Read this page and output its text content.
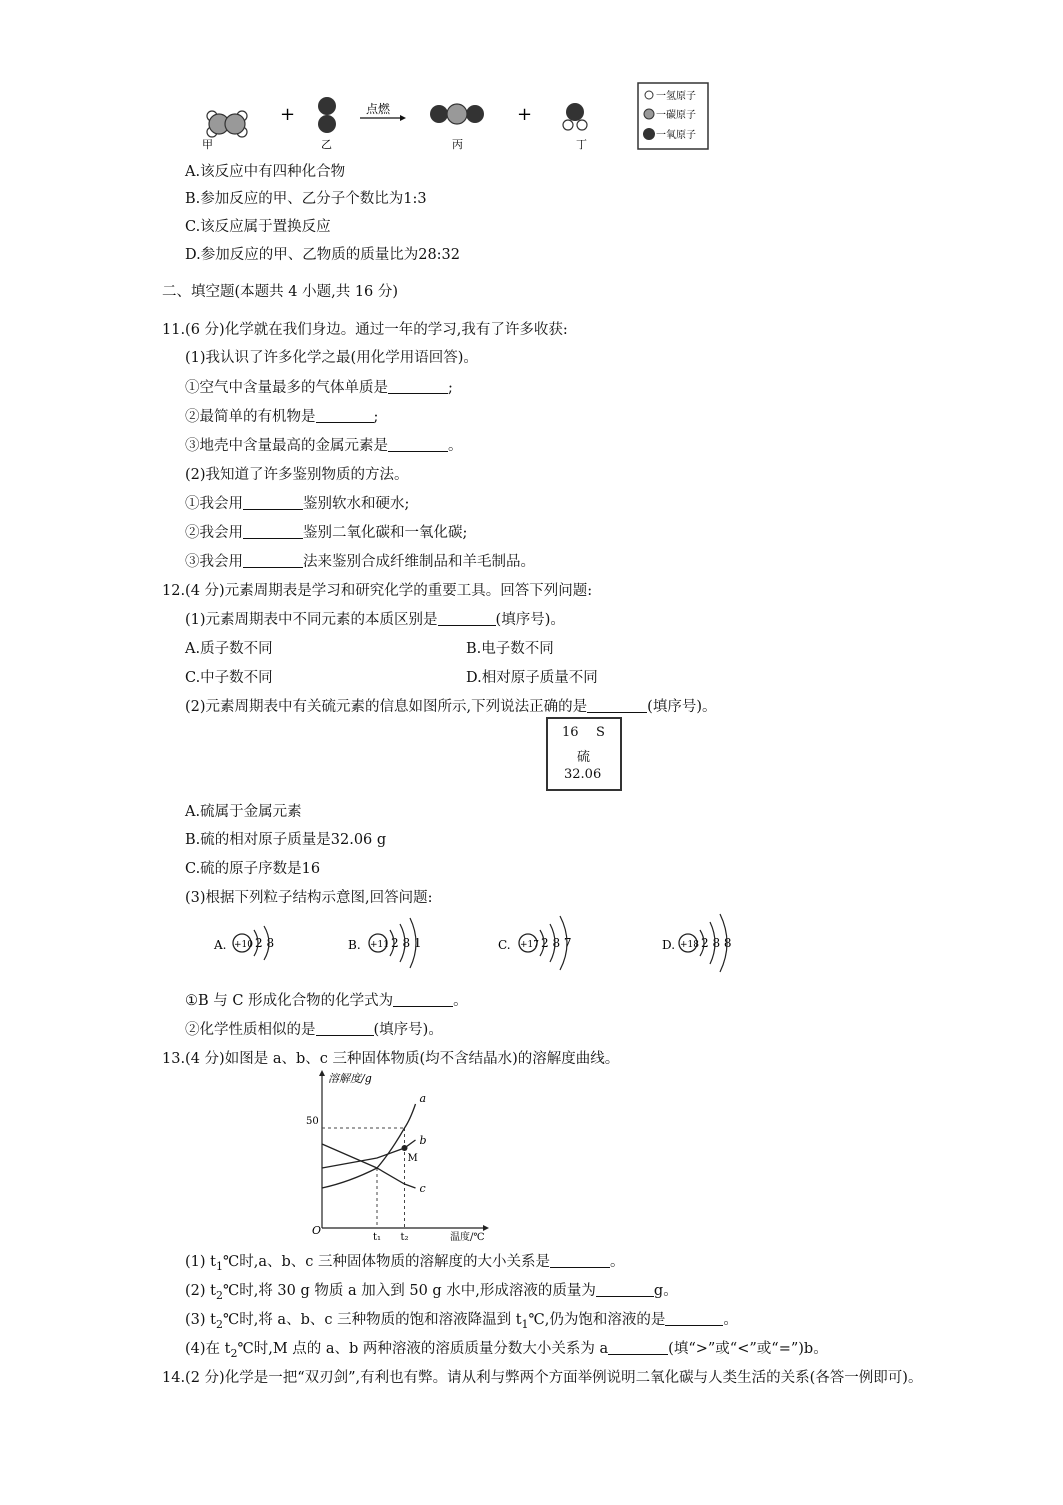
+	点燃	+
甲	乙	丙	丁
一氢原子
一碳原子
一氧原子
A.该反应中有四种化合物
B.参加反应的甲、乙分子个数比为1:3
C.该反应属于置换反应
D.参加反应的甲、乙物质的质量比为28:32
二、填空题(本题共 4 小题,共 16 分)
11.(6 分)化学就在我们身边。通过一年的学习,我有了许多收获:
(1)我认识了许多化学之最(用化学用语回答)。
①空气中含量最多的气体单质是	;
②最简单的有机物是	;
③地壳中含量最高的金属元素是	。
(2)我知道了许多鉴别物质的方法。
①我会用	鉴别软水和硬水;
②我会用	鉴别二氧化碳和一氧化碳;
③我会用	法来鉴别合成纤维制品和羊毛制品。
12.(4 分)元素周期表是学习和研究化学的重要工具。回答下列问题:
(1)元素周期表中不同元素的本质区别是	(填序号)。
A.质子数不同	B.电子数不同
C.中子数不同	D.相对原子质量不同
(2)元素周期表中有关硫元素的信息如图所示,下列说法正确的是	(填序号)。
16 S
硫
32.06
A.硫属于金属元素
B.硫的相对原子质量是32.06 g
C.硫的原子序数是16
(3)根据下列粒子结构示意图,回答问题:
A. +10 2 8	B. +11 2 8 1	C. +17 2 8 7	D. +18 2 8 8
①B 与 C 形成化合物的化学式为	。
②化学性质相似的是	(填序号)。
13.(4 分)如图是 a、b、c 三种固体物质(均不含结晶水)的溶解度曲线。
溶解度/g
温度/℃
O
50
t₁ t₂
a
b
c
M
(1) $t_1℃$时,a、b、c 三种固体物质的溶解度的大小关系是	。
(2) $t_2℃$时,将 30 g 物质 a 加入到 50 g 水中,形成溶液的质量为	g。
(3) $t_2℃$时,将 a、b、c 三种物质的饱和溶液降温到 $t_1℃$,仍为饱和溶液的是	。
(4)在 $t_2℃$时,M 点的 a、b 两种溶液的溶质质量分数大小关系为 a	(填“>”或“<”或“=”)b。
14.(2 分)化学是一把“双刃剑”,有利也有弊。请从利与弊两个方面举例说明二氧化碳与人类生活的关系(各答一例即可)。
